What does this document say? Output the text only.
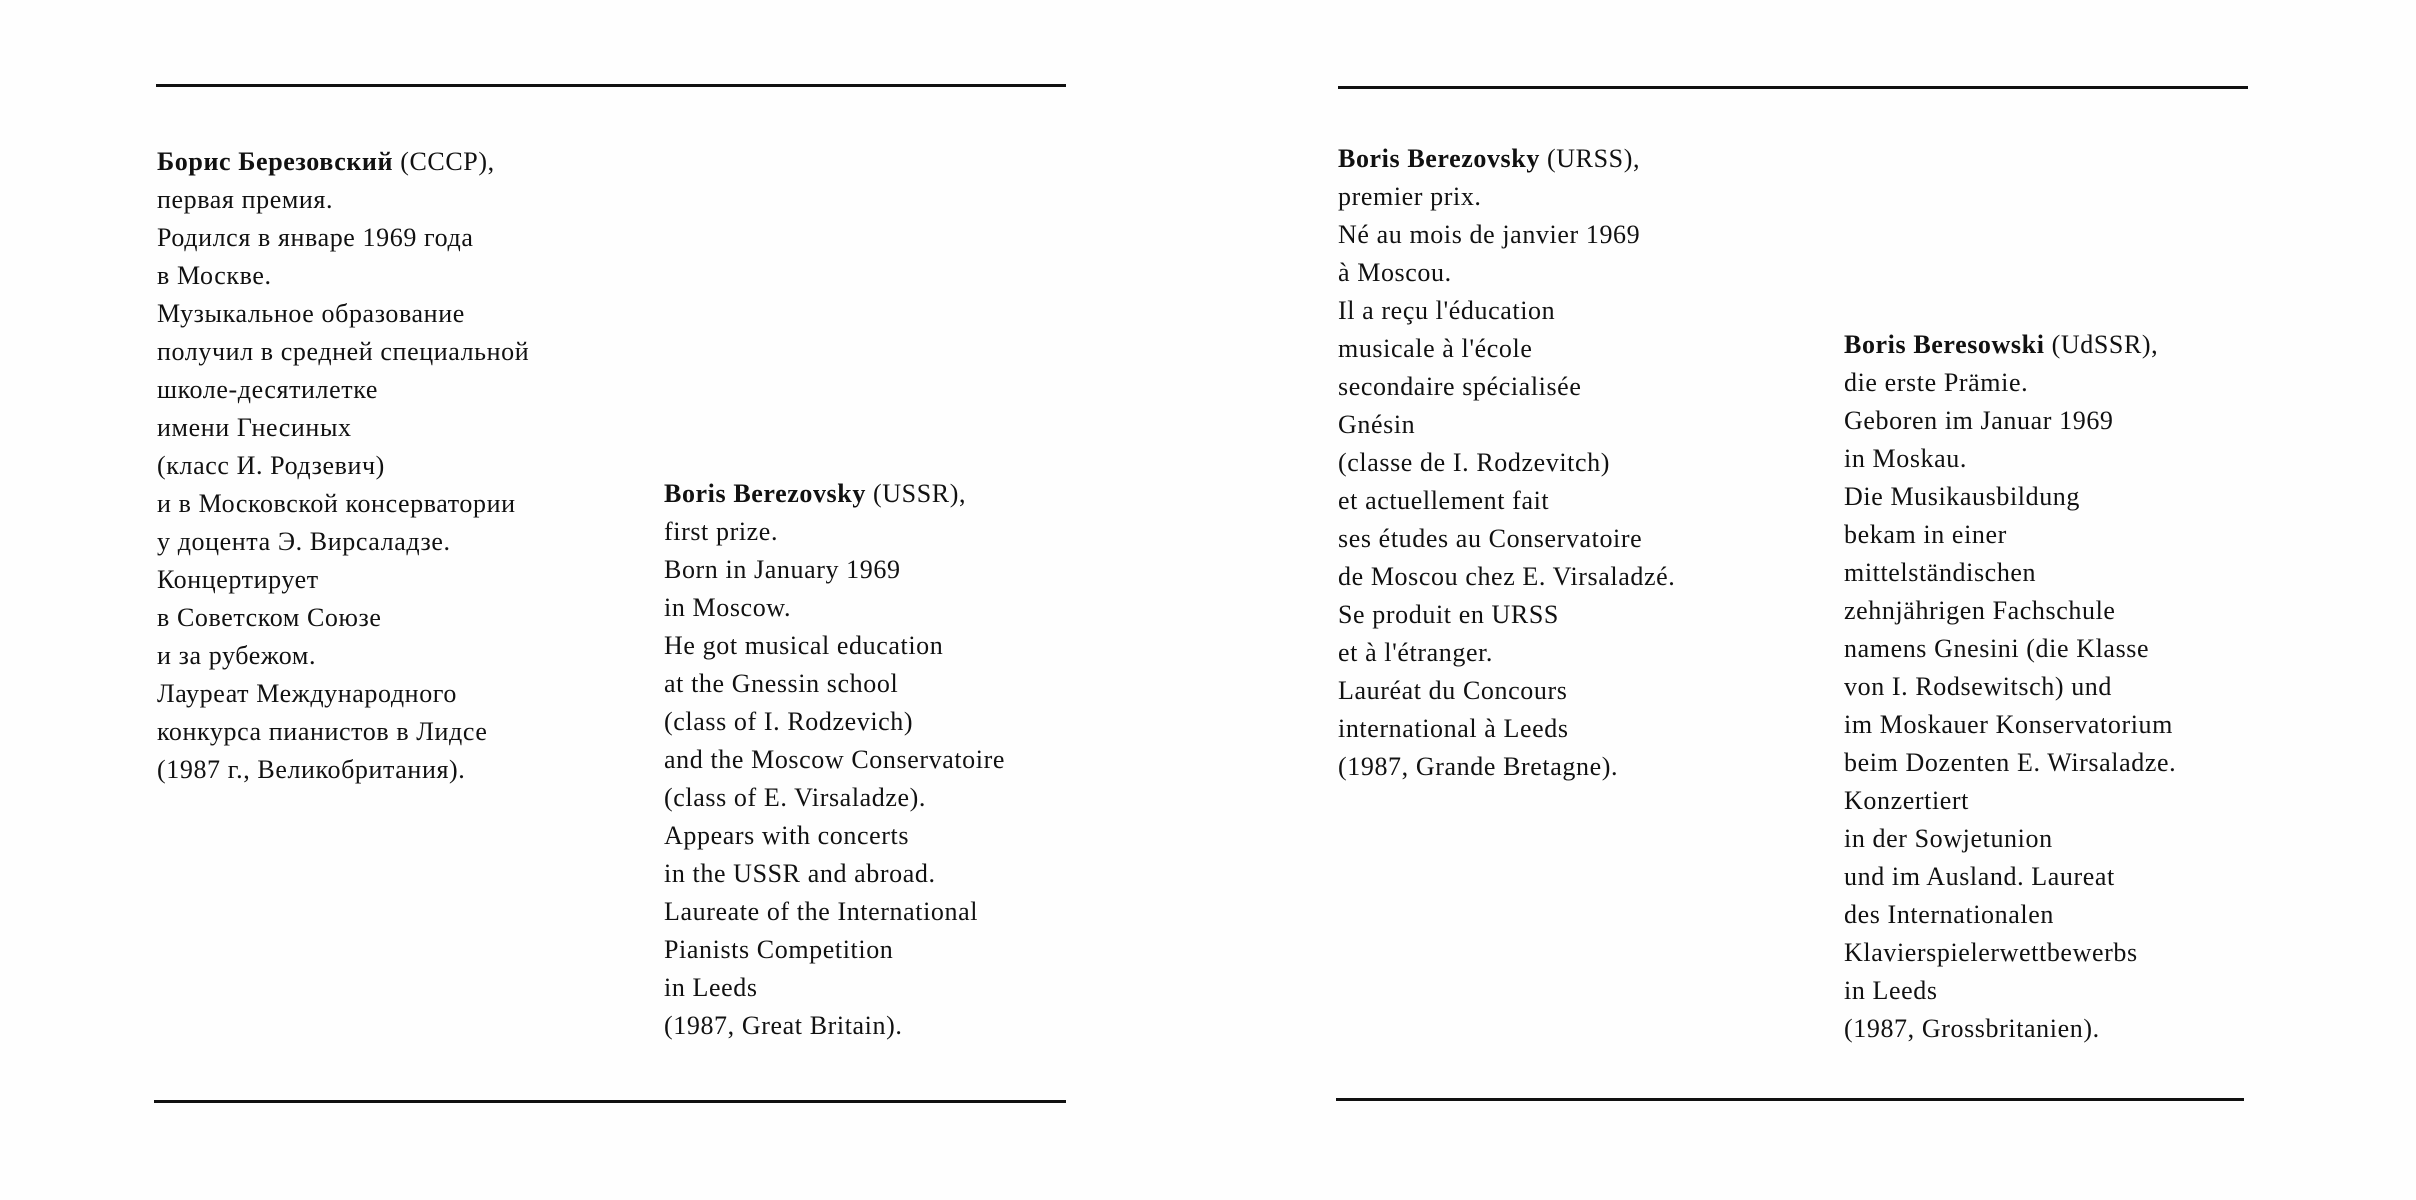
Борис Березовский (СССР),
первая премия.
Родился в январе 1969 года
в Москве.
Музыкальное образование
получил в средней специальной
школе-десятилетке
имени Гнесиных
(класс И. Родзевич)
и в Московской консерватории
у доцента Э. Вирсаладзе.
Концертирует
в Советском Союзе
и за рубежом.
Лауреат Международного
конкурса пианистов в Лидсе
(1987 г., Великобритания).
Boris Berezovsky (USSR),
first prize.
Born in January 1969
in Moscow.
He got musical education
at the Gnessin school
(class of I. Rodzevich)
and the Moscow Conservatoire
(class of E. Virsaladze).
Appears with concerts
in the USSR and abroad.
Laureate of the International
Pianists Competition
in Leeds
(1987, Great Britain).
Boris Berezovsky (URSS),
premier prix.
Né au mois de janvier 1969
à Moscou.
Il a reçu l'éducation
musicale à l'école
secondaire spécialisée
Gnésin
(classe de I. Rodzevitch)
et actuellement fait
ses études au Conservatoire
de Moscou chez E. Virsaladzé.
Se produit en URSS
et à l'étranger.
Lauréat du Concours
international à Leeds
(1987, Grande Bretagne).
Boris Beresowski (UdSSR),
die erste Prämie.
Geboren im Januar 1969
in Moskau.
Die Musikausbildung
bekam in einer
mittelständischen
zehnjährigen Fachschule
namens Gnesini (die Klasse
von I. Rodsewitsch) und
im Moskauer Konservatorium
beim Dozenten E. Wirsaladze.
Konzertiert
in der Sowjetunion
und im Ausland. Laureat
des Internationalen
Klavierspielerwettbewerbs
in Leeds
(1987, Grossbritanien).
